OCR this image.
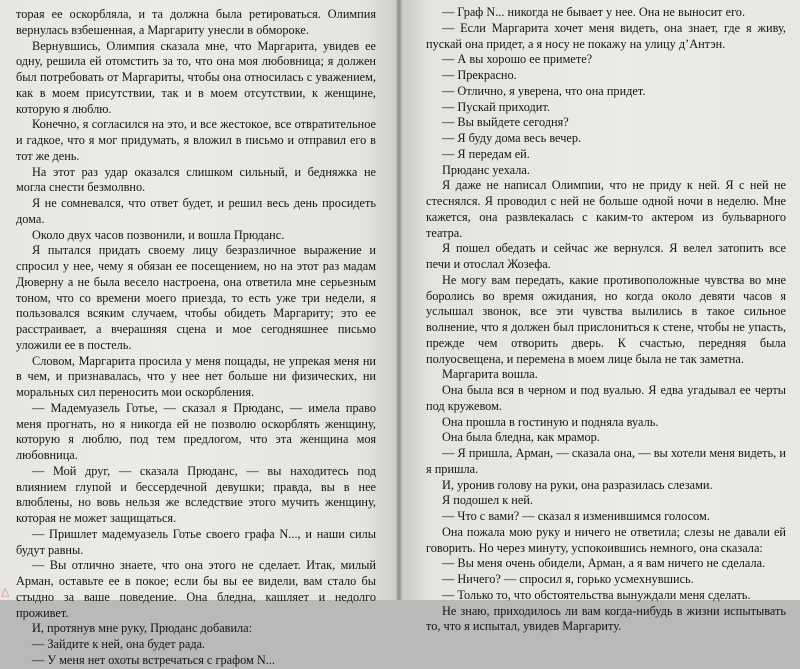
торая ее оскорбляла, и та должна была ретироваться. Олимпия вернулась взбешенная, а Маргариту унесли в обмороке.

Вернувшись, Олимпия сказала мне, что Маргарита, увидев ее одну, решила ей отомстить за то, что она моя любовница; я должен был потребовать от Маргариты, чтобы она относилась с уважением, как в моем присутствии, так и в моем отсутствии, к женщине, которую я люблю.

Конечно, я согласился на это, и все жестокое, все отвратительное и гадкое, что я мог придумать, я вложил в письмо и отправил его в тот же день.

На этот раз удар оказался слишком сильный, и бедняжка не могла снести безмолвно.

Я не сомневался, что ответ будет, и решил весь день просидеть дома.

Около двух часов позвонили, и вошла Прюданс.

Я пытался придать своему лицу безразличное выражение и спросил у нее, чему я обязан ее посещением, но на этот раз мадам Дюверну а не была весело настроена, она ответила мне серьезным тоном, что со времени моего приезда, то есть уже три недели, я пользовался всяким случаем, чтобы обидеть Маргариту; это ее расстраивает, а вчерашняя сцена и мое сегодняшнее письмо уложили ее в постель.

Словом, Маргарита просила у меня пощады, не упрекая меня ни в чем, и признавалась, что у нее нет больше ни физических, ни моральных сил переносить мои оскорбления.

— Мадемуазель Готье, — сказал я Прюданс, — имела право меня прогнать, но я никогда ей не позволю оскорблять женщину, которую я люблю, под тем предлогом, что эта женщина моя любовница.

— Мой друг, — сказала Прюданс, — вы находитесь под влиянием глупой и бессердечной девушки; правда, вы в нее влюблены, но вовь нельзя же вследствие этого мучить женщину, которая не может защищаться.

— Пришлет мадемуазель Готье своего графа N..., и наши силы будут равны.

— Вы отлично знаете, что она этого не сделает. Итак, милый Арман, оставьте ее в покое; если бы вы ее видели, вам стало бы стыдно за ваше поведение. Она бледна, кашляет и недолго проживет.

И, протянув мне руку, Прюданс добавила:

— Зайдите к ней, она будет рада.

— У меня нет охоты встречаться с графом N...

— Граф N... никогда не бывает у нее. Она не выносит его.

— Если Маргарита хочет меня видеть, она знает, где я живу, пускай она придет, а я носу не покажу на улицу д’Антэн.

— А вы хорошо ее примете?

— Прекрасно.

— Отлично, я уверена, что она придет.

— Пускай приходит.

— Вы выйдете сегодня?

— Я буду дома весь вечер.

— Я передам ей.

Прюданс уехала.

Я даже не написал Олимпии, что не приду к ней. Я с ней не стеснялся. Я проводил с ней не больше одной ночи в неделю. Мне кажется, она развлекалась с каким-то актером из бульварного театра.

Я пошел обедать и сейчас же вернулся. Я велел затопить все печи и отослал Жозефа.

Не могу вам передать, какие противоположные чувства во мне боролись во время ожидания, но когда около девяти часов я услышал звонок, все эти чувства вылились в такое сильное волнение, что я должен был прислониться к стене, чтобы не упасть, прежде чем отворить дверь. К счастью, передняя была полуосвещена, и перемена в моем лице была не так заметна.

Маргарита вошла.

Она была вся в черном и под вуалью. Я едва угадывал ее черты под кружевом.

Она прошла в гостиную и подняла вуаль.

Она была бледна, как мрамор.

— Я пришла, Арман, — сказала она, — вы хотели меня видеть, и я пришла.

И, уронив голову на руки, она разразилась слезами.

Я подошел к ней.

— Что с вами? — сказал я изменившимся голосом.

Она пожала мою руку и ничего не ответила; слезы не давали ей говорить. Но через минуту, успокоившись немного, она сказала:

— Вы меня очень обидели, Арман, а я вам ничего не сделала.

— Ничего? — спросил я, горько усмехнувшись.

— Только то, что обстоятельства вынуждали меня сделать.

Не знаю, приходилось ли вам когда-нибудь в жизни испытывать то, что я испытал, увидев Маргариту.

△
